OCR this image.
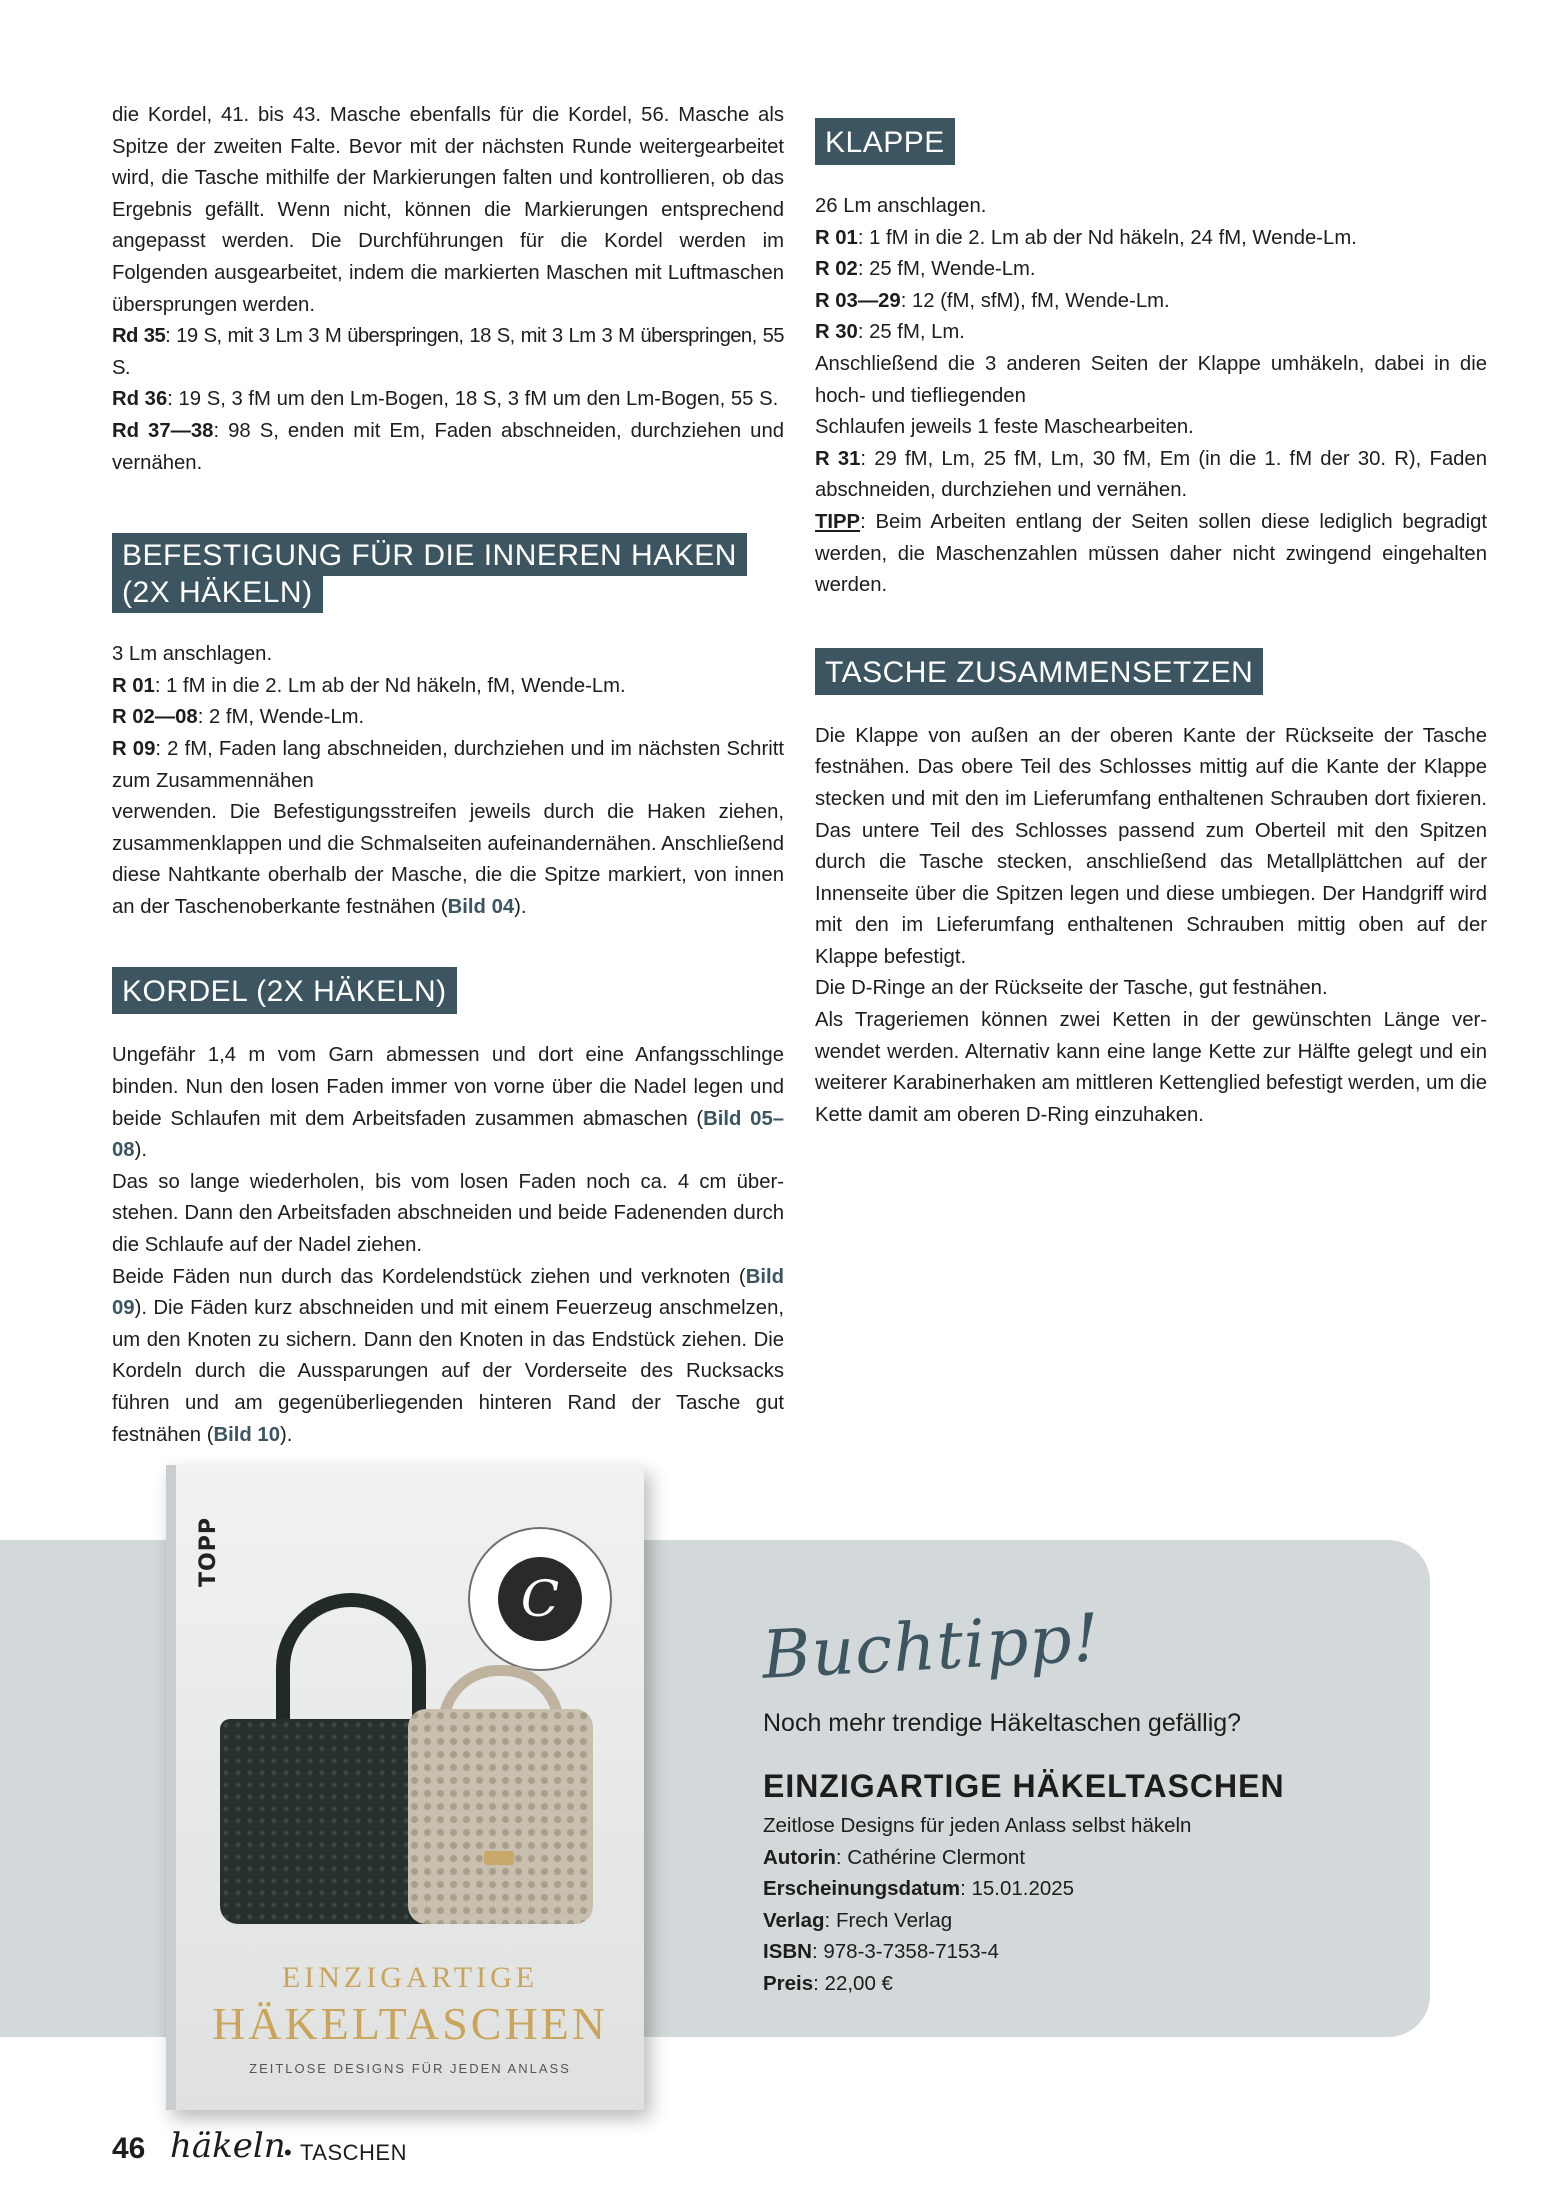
die Kordel, 41. bis 43. Masche ebenfalls für die Kordel, 56. Masche als Spitze der zweiten Falte. Bevor mit der nächsten Runde weitergearbeitet wird, die Tasche mithilfe der Markierungen falten und kontrollieren, ob das Ergebnis gefällt. Wenn nicht, können die Markierungen entsprechend angepasst werden. Die Durchführungen für die Kordel werden im Folgenden ausgearbeitet, indem die markierten Maschen mit Luftmaschen übersprungen werden.

Rd 35: 19 S, mit 3 Lm 3 M überspringen, 18 S, mit 3 Lm 3 M überspringen, 55 S.

Rd 36: 19 S, 3 fM um den Lm-Bogen, 18 S, 3 fM um den Lm-Bogen, 55 S.

Rd 37—38: 98 S, enden mit Em, Faden abschneiden, durchziehen und vernähen.

BEFESTIGUNG FÜR DIE INNEREN HAKEN
(2X HÄKELN)

3 Lm anschlagen.

R 01: 1 fM in die 2. Lm ab der Nd häkeln, fM, Wende-Lm.

R 02—08: 2 fM, Wende-Lm.

R 09: 2 fM, Faden lang abschneiden, durchziehen und im nächsten Schritt zum Zusammennähen

verwenden. Die Befestigungsstreifen jeweils durch die Haken ziehen, zusammenklappen und die Schmalseiten aufeinandernähen. Anschließend diese Nahtkante oberhalb der Masche, die die Spitze markiert, von innen an der Taschenoberkante festnähen (Bild 04).

KORDEL (2X HÄKELN)

Ungefähr 1,4 m vom Garn abmessen und dort eine Anfangsschlinge binden. Nun den losen Faden immer von vorne über die Nadel legen und beide Schlaufen mit dem Arbeitsfaden zusammen abmaschen (Bild 05–08).

Das so lange wiederholen, bis vom losen Faden noch ca. 4 cm überstehen. Dann den Arbeitsfaden abschneiden und beide Fadenenden durch die Schlaufe auf der Nadel ziehen.

Beide Fäden nun durch das Kordelendstück ziehen und verknoten (Bild 09). Die Fäden kurz abschneiden und mit einem Feuerzeug anschmelzen, um den Knoten zu sichern. Dann den Knoten in das Endstück ziehen. Die Kordeln durch die Aussparungen auf der Vorderseite des Rucksacks führen und am gegenüberliegenden hinteren Rand der Tasche gut festnähen (Bild 10).

KLAPPE

26 Lm anschlagen.

R 01: 1 fM in die 2. Lm ab der Nd häkeln, 24 fM, Wende-Lm.

R 02: 25 fM, Wende-Lm.

R 03—29: 12 (fM, sfM), fM, Wende-Lm.

R 30: 25 fM, Lm.

Anschließend die 3 anderen Seiten der Klappe umhäkeln, dabei in die hoch- und tiefliegenden

Schlaufen jeweils 1 feste Maschearbeiten.

R 31: 29 fM, Lm, 25 fM, Lm, 30 fM, Em (in die 1. fM der 30. R), Faden abschneiden, durchziehen und vernähen.

TIPP: Beim Arbeiten entlang der Seiten sollen diese lediglich begradigt werden, die Maschenzahlen müssen daher nicht zwingend eingehalten werden.

TASCHE ZUSAMMENSETZEN

Die Klappe von außen an der oberen Kante der Rückseite der Tasche festnähen. Das obere Teil des Schlosses mittig auf die Kante der Klappe stecken und mit den im Lieferumfang enthaltenen Schrauben dort fixieren. Das untere Teil des Schlosses passend zum Oberteil mit den Spitzen durch die Tasche stecken, anschließend das Metallplättchen auf der Innenseite über die Spitzen legen und diese umbiegen. Der Handgriff wird mit den im Lieferumfang enthaltenen Schrauben mittig oben auf der Klappe befestigt.

Die D-Ringe an der Rückseite der Tasche, gut festnähen.

Als Trageriemen können zwei Ketten in der gewünschten Länge verwendet werden. Alternativ kann eine lange Kette zur Hälfte gelegt und ein weiterer Karabinerhaken am mittleren Kettenglied befestigt werden, um die Kette damit am oberen D-Ring einzuhaken.

TOPP
C
EINZIGARTIGE
HÄKELTASCHEN
ZEITLOSE DESIGNS FÜR JEDEN ANLASS
Buchtipp!
Noch mehr trendige Häkeltaschen gefällig?
EINZIGARTIGE HÄKELTASCHEN
Zeitlose Designs für jeden Anlass selbst häkeln
Autorin: Cathérine Clermont
Erscheinungsdatum: 15.01.2025
Verlag: Frech Verlag
ISBN: 978-3-7358-7153-4
Preis: 22,00 €
46 häkeln
• TASCHEN
